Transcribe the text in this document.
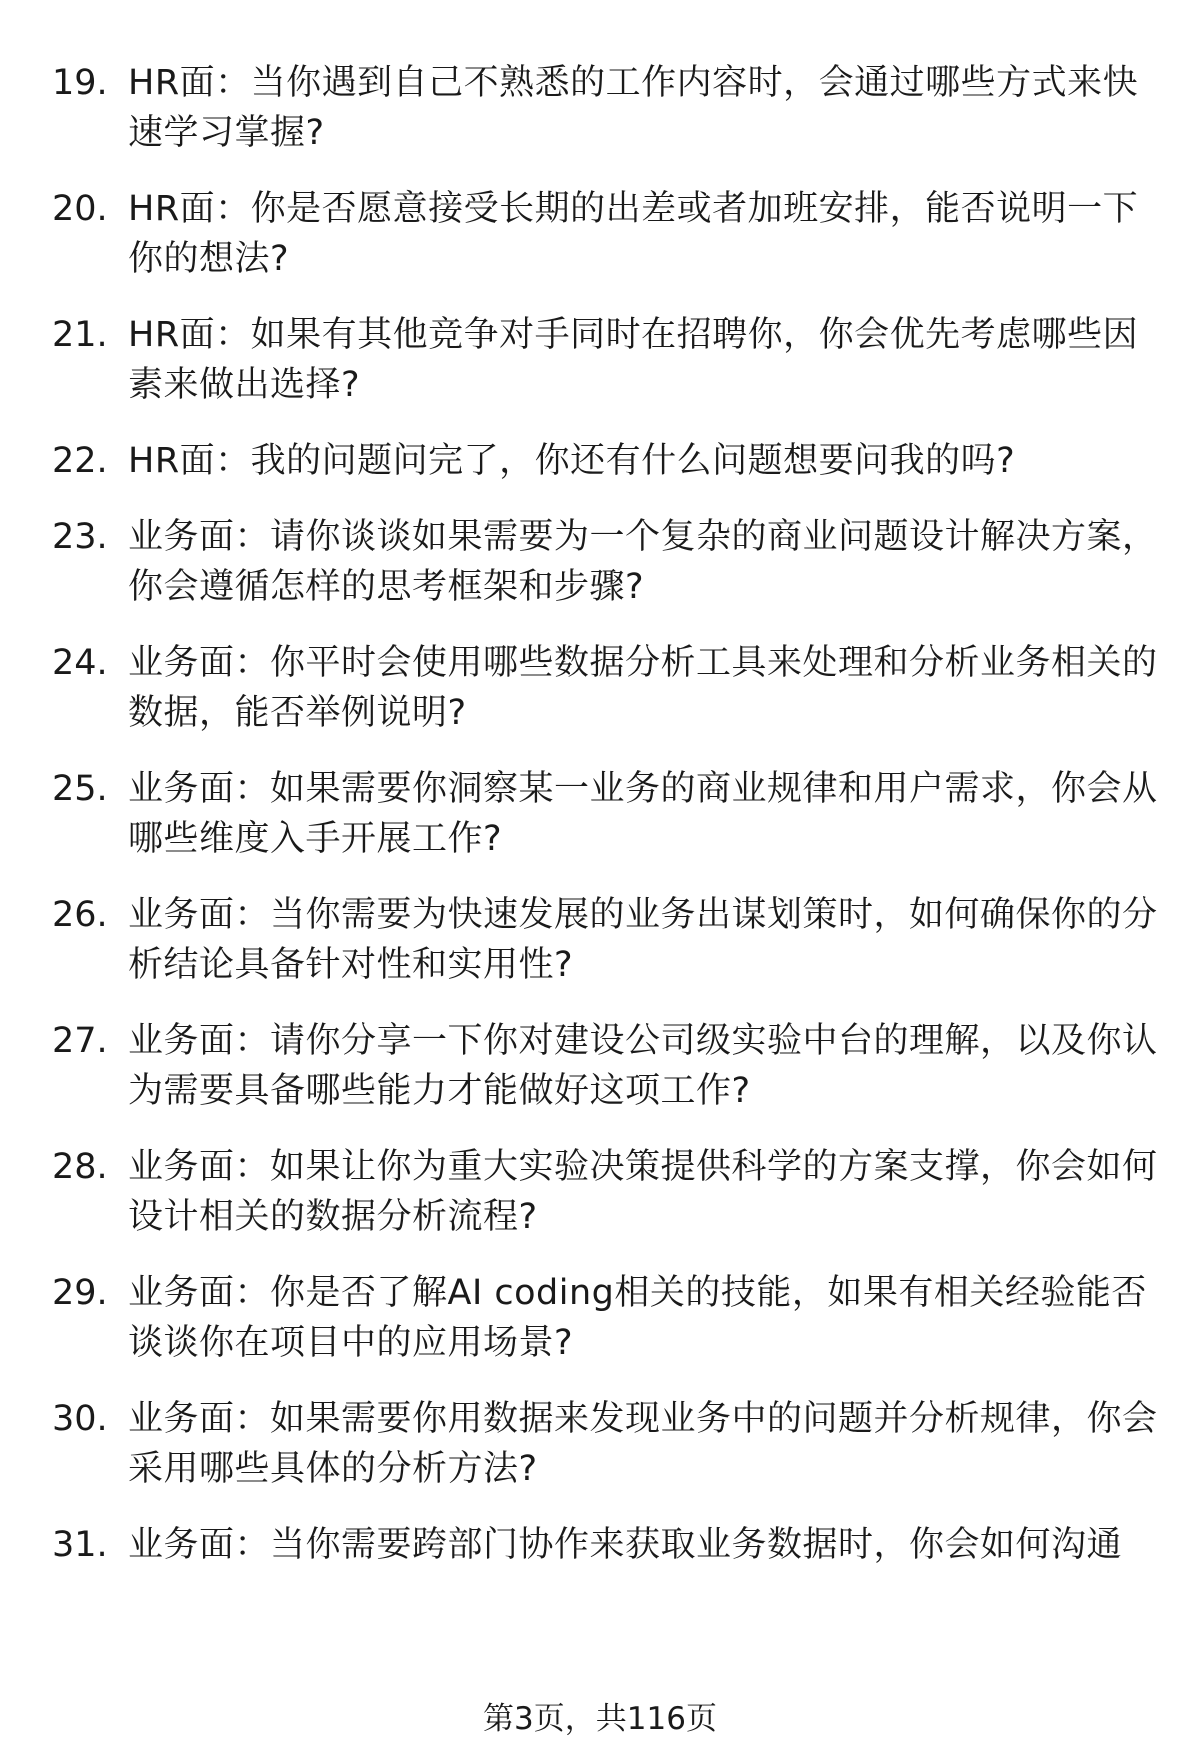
19. HR面：当你遇到自己不熟悉的工作内容时，会通过哪些方式来快速学习掌握?
20. HR面：你是否愿意接受长期的出差或者加班安排，能否说明一下你的想法?
21. HR面：如果有其他竞争对手同时在招聘你，你会优先考虑哪些因素来做出选择?
22. HR面：我的问题问完了，你还有什么问题想要问我的吗?
23. 业务面：请你谈谈如果需要为一个复杂的商业问题设计解决方案，你会遵循怎样的思考框架和步骤?
24. 业务面：你平时会使用哪些数据分析工具来处理和分析业务相关的数据，能否举例说明?
25. 业务面：如果需要你洞察某一业务的商业规律和用户需求，你会从哪些维度入手开展工作?
26. 业务面：当你需要为快速发展的业务出谋划策时，如何确保你的分析结论具备针对性和实用性?
27. 业务面：请你分享一下你对建设公司级实验中台的理解，以及你认为需要具备哪些能力才能做好这项工作?
28. 业务面：如果让你为重大实验决策提供科学的方案支撑，你会如何设计相关的数据分析流程?
29. 业务面：你是否了解AI coding相关的技能，如果有相关经验能否谈谈你在项目中的应用场景?
30. 业务面：如果需要你用数据来发现业务中的问题并分析规律，你会采用哪些具体的分析方法?
31. 业务面：当你需要跨部门协作来获取业务数据时，你会如何沟通
第3页，共116页
